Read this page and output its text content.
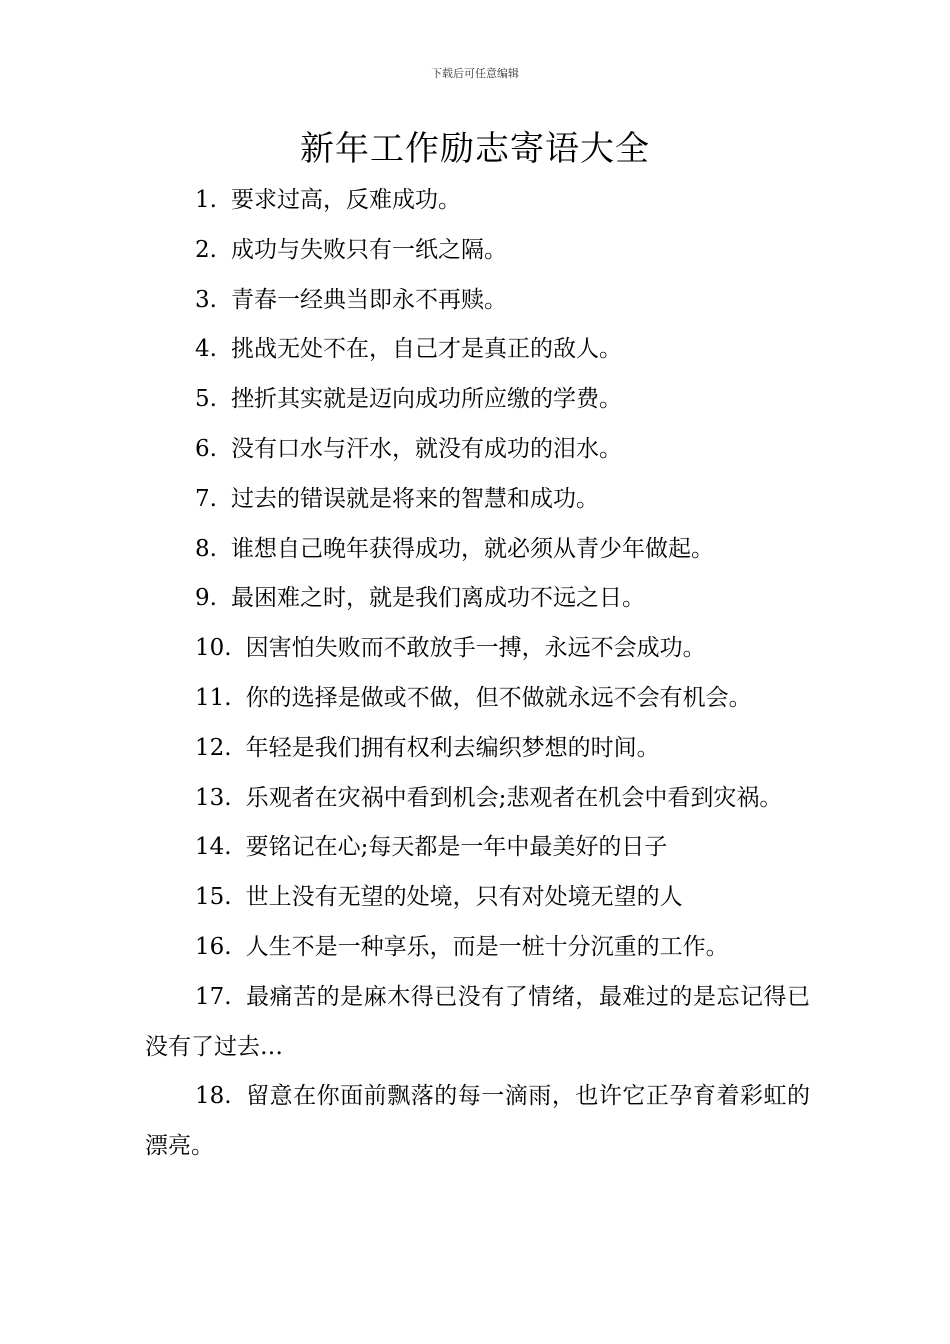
下载后可任意编辑
新年工作励志寄语大全
1. 要求过高，反难成功。
2. 成功与失败只有一纸之隔。
3. 青春一经典当即永不再赎。
4. 挑战无处不在，自己才是真正的敌人。
5. 挫折其实就是迈向成功所应缴的学费。
6. 没有口水与汗水，就没有成功的泪水。
7. 过去的错误就是将来的智慧和成功。
8. 谁想自己晚年获得成功，就必须从青少年做起。
9. 最困难之时，就是我们离成功不远之日。
10. 因害怕失败而不敢放手一搏，永远不会成功。
11. 你的选择是做或不做，但不做就永远不会有机会。
12. 年轻是我们拥有权利去编织梦想的时间。
13. 乐观者在灾祸中看到机会;悲观者在机会中看到灾祸。
14. 要铭记在心;每天都是一年中最美好的日子
15. 世上没有无望的处境，只有对处境无望的人
16. 人生不是一种享乐，而是一桩十分沉重的工作。
17. 最痛苦的是麻木得已没有了情绪，最难过的是忘记得已没有了过去…
18. 留意在你面前飘落的每一滴雨，也许它正孕育着彩虹的漂亮。
